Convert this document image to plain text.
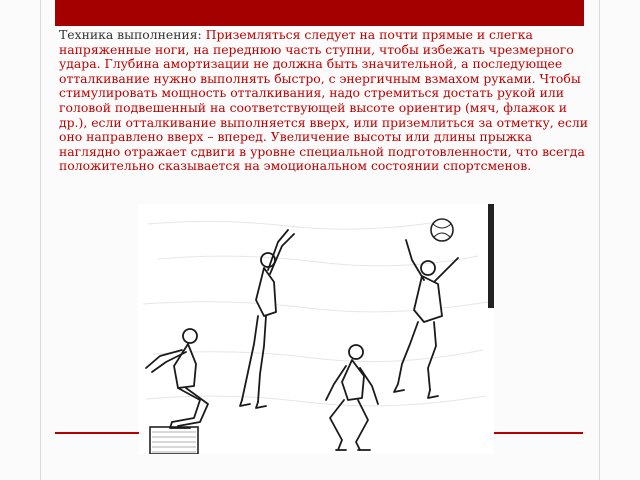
Техника выполнения: Приземляться следует на почти прямые и слегка напряженные ноги, на переднюю часть ступни, чтобы избежать чрезмерного удара. Глубина амортизации не должна быть значительной, а последующее отталкивание нужно выполнять быстро, с энергичным взмахом руками. Чтобы стимулировать мощность отталкивания, надо стремиться достать рукой или головой подвешенный на соответствующей высоте ориентир (мяч, флажок и др.), если отталкивание выполняется вверх, или приземлиться за отметку, если оно направлено вверх – вперед. Увеличение высоты или длины прыжка наглядно отражает сдвиги в уровне специальной подготовленности, что всегда положительно сказывается на эмоциональном состоянии спортсменов.
